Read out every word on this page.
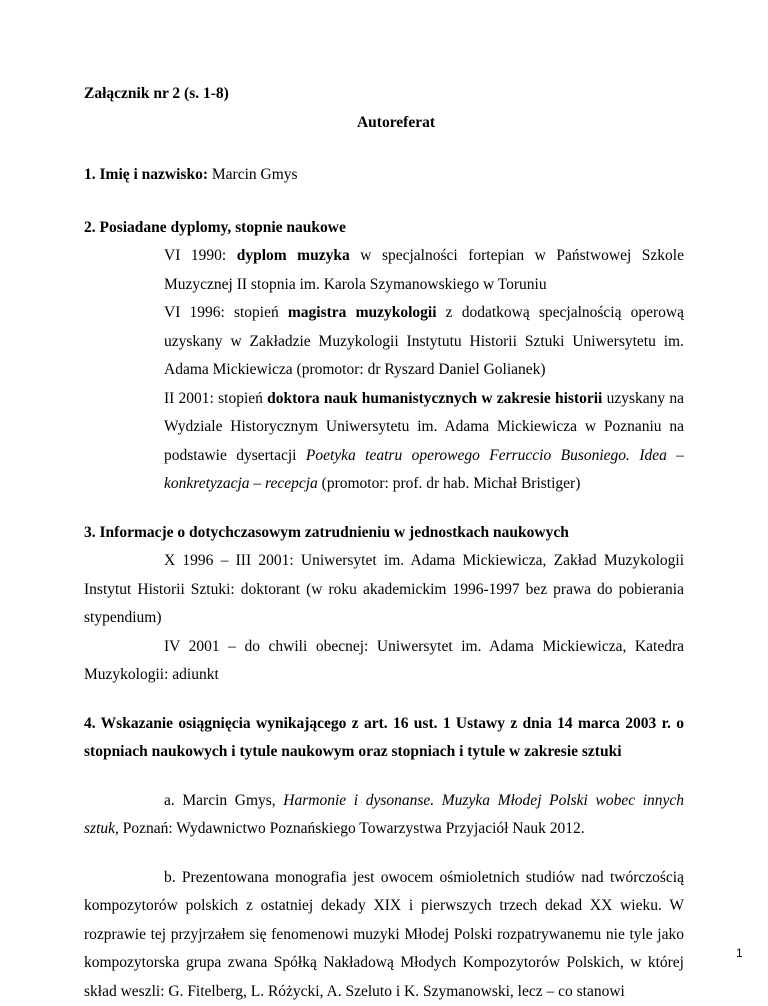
Załącznik nr 2 (s. 1-8)

Autoreferat

1. Imię i nazwisko: Marcin Gmys

2. Posiadane dyplomy, stopnie naukowe

VI 1990: dyplom muzyka w specjalności fortepian w Państwowej Szkole Muzycznej II stopnia im. Karola Szymanowskiego w Toruniu

VI 1996: stopień magistra muzykologii z dodatkową specjalnością operową uzyskany w Zakładzie Muzykologii Instytutu Historii Sztuki Uniwersytetu im. Adama Mickiewicza (promotor: dr Ryszard Daniel Golianek)

II 2001: stopień doktora nauk humanistycznych w zakresie historii uzyskany na Wydziale Historycznym Uniwersytetu im. Adama Mickiewicza w Poznaniu na podstawie dysertacji Poetyka teatru operowego Ferruccio Busoniego. Idea – konkretyzacja – recepcja (promotor: prof. dr hab. Michał Bristiger)

3. Informacje o dotychczasowym zatrudnieniu w jednostkach naukowych

X 1996 – III 2001: Uniwersytet im. Adama Mickiewicza, Zakład Muzykologii Instytut Historii Sztuki: doktorant (w roku akademickim 1996-1997 bez prawa do pobierania stypendium)

IV 2001 – do chwili obecnej: Uniwersytet im. Adama Mickiewicza, Katedra Muzykologii: adiunkt

4. Wskazanie osiągnięcia wynikającego z art. 16 ust. 1 Ustawy z dnia 14 marca 2003 r. o stopniach naukowych i tytule naukowym oraz stopniach i tytule w zakresie sztuki

a. Marcin Gmys, Harmonie i dysonanse. Muzyka Młodej Polski wobec innych sztuk, Poznań: Wydawnictwo Poznańskiego Towarzystwa Przyjaciół Nauk 2012.

b. Prezentowana monografia jest owocem ośmioletnich studiów nad twórczością kompozytorów polskich z ostatniej dekady XIX i pierwszych trzech dekad XX wieku. W rozprawie tej przyjrzałem się fenomenowi muzyki Młodej Polski rozpatrywanemu nie tyle jako kompozytorska grupa zwana Spółką Nakładową Młodych Kompozytorów Polskich, w której skład weszli: G. Fitelberg, L. Różycki, A. Szeluto i K. Szymanowski, lecz – co stanowi

1
